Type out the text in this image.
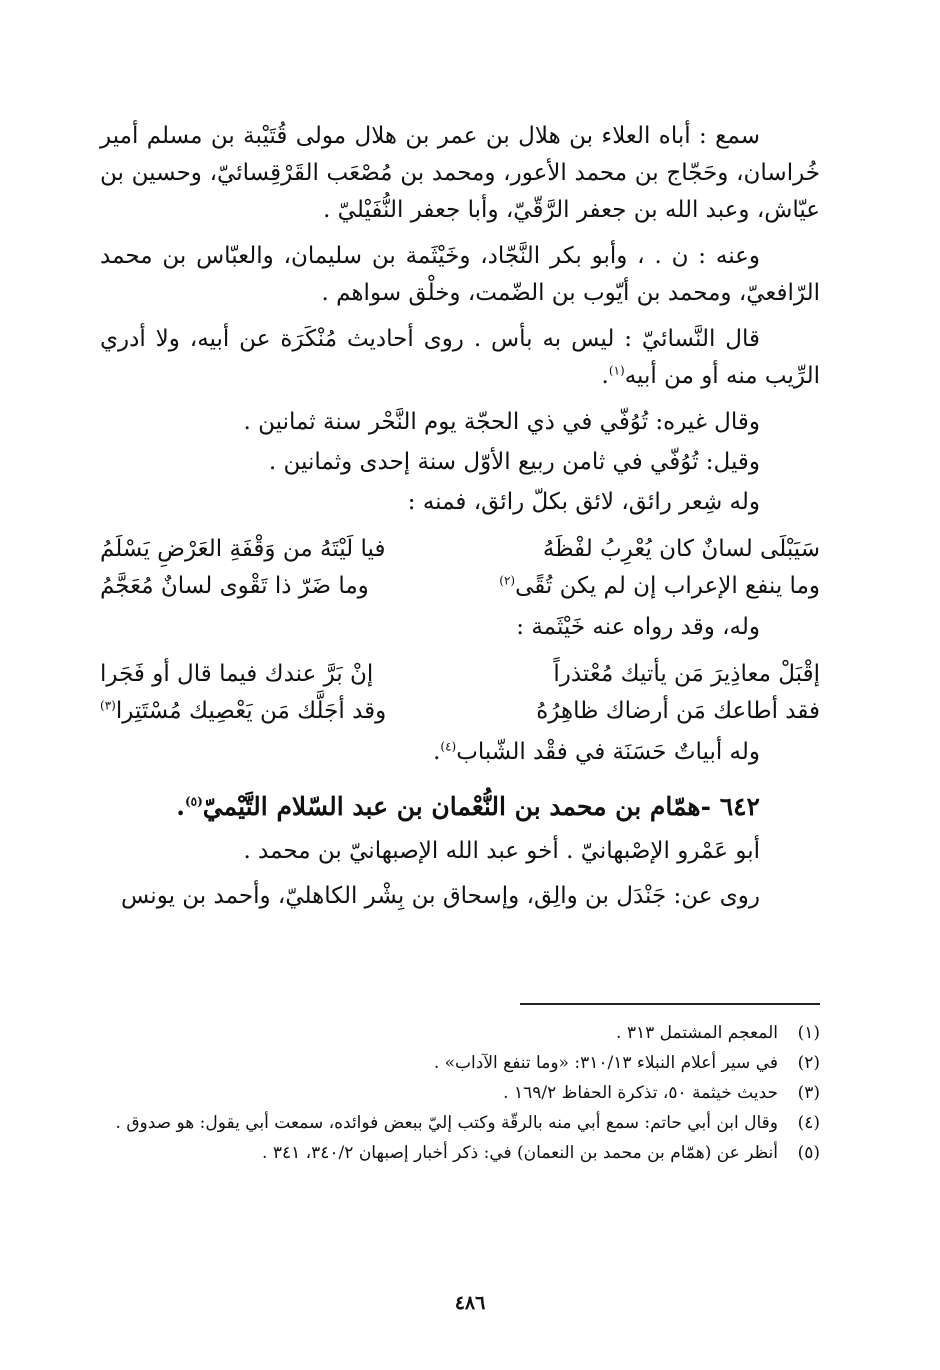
سمع : أباه العلاء بن هلال بن عمر بن هلال مولى قُتَيْبة بن مسلم أمير خُراسان، وحَجّاج بن محمد الأعور، ومحمد بن مُصْعَب القَرْقِسائيّ، وحسين بن عيّاش، وعبد الله بن جعفر الرَّقّيّ، وأبا جعفر النُّفَيْليّ .

وعنه : ن . ، وأبو بكر النَّجّاد، وخَيْثَمة بن سليمان، والعبّاس بن محمد الرّافعيّ، ومحمد بن أيّوب بن الضّمت، وخلْق سواهم .

قال النَّسائيّ : ليس به بأس . روى أحاديث مُنْكَرَة عن أبيه، ولا أدري الرِّيب منه أو من أبيه$^{(١)}$.

وقال غيره: تُوُفّي في ذي الحجّة يوم النَّحْر سنة ثمانين .

وقيل: تُوُفّي في ثامن ربيع الأوّل سنة إحدى وثمانين .

وله شِعر رائق، لائق بكلّ رائق، فمنه :

سَيَبْلَى لسانٌ كان يُعْرِبُ لفْظَهُ
فيا لَيْتَهُ من وَقْفَةِ العَرْضِ يَسْلَمُ
وما ينفع الإعراب إن لم يكن تُقًى$^{(٢)}$
وما ضَرّ ذا تَقْوى لسانٌ مُعَجَّمُ

وله، وقد رواه عنه خَيْثَمة :

إقْبَلْ معاذِيرَ مَن يأتيك مُعْتذراً
إنْ بَرَّ عندك فيما قال أو فَجَرا
فقد أطاعك مَن أرضاك ظاهِرُهُ
وقد أجَلَّك مَن يَعْصِيك مُسْتَتِرا$^{(٣)}$

وله أبياتٌ حَسَنَة في فقْد الشّباب$^{(٤)}$.

٦٤٢ -همّام بن محمد بن النُّعْمان بن عبد السّلام التَّيْميّ$^{(٥)}$.

أبو عَمْرو الإصْبهانيّ . أخو عبد الله الإصبهانيّ بن محمد .

روى عن: جَنْدَل بن والِق، وإسحاق بن بِشْر الكاهليّ، وأحمد بن يونس

(١)
المعجم المشتمل ٣١٣ .
(٢)
في سير أعلام النبلاء ٣١٠/١٣: «وما تنفع الآداب» .
(٣)
حديث خيثمة ٥٠، تذكرة الحفاظ ١٦٩/٢ .
(٤)
وقال ابن أبي حاتم: سمع أبي منه بالرقّة وكتب إليّ ببعض فوائده، سمعت أبي يقول: هو صدوق .
(٥)
أنظر عن (همّام بن محمد بن النعمان) في: ذكر أخبار إصبهان ٣٤٠/٢، ٣٤١ .
٤٨٦
